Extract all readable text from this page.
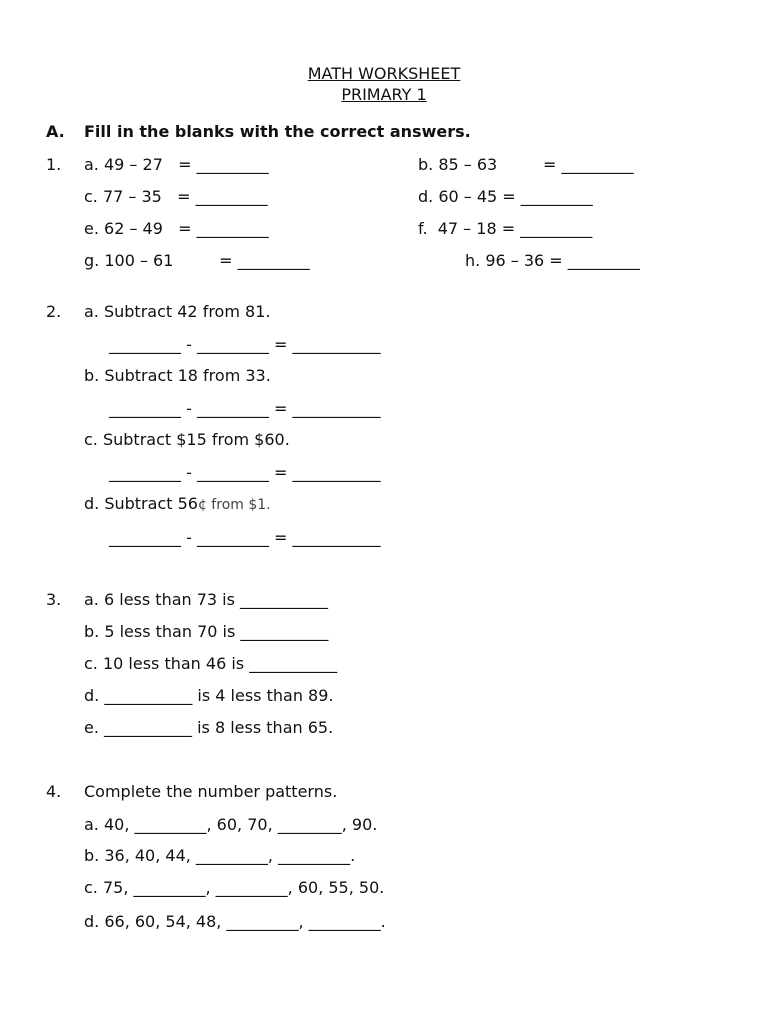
MATH WORKSHEET
PRIMARY 1
A. Fill in the blanks with the correct answers.
1. a. 49 – 27   = _________	b. 85 – 63         = _________
c. 77 – 35   = _________	d. 60 – 45 = _________
e. 62 – 49   = _________	f.  47 – 18 = _________
g. 100 – 61         = _________	h. 96 – 36 = _________
2. a. Subtract 42 from 81.
_________ - _________ = ___________
b. Subtract 18 from 33.
_________ - _________ = ___________
c. Subtract $15 from $60.
_________ - _________ = ___________
d. Subtract 56¢ from $1.
_________ - _________ = ___________
3. a. 6 less than 73 is ___________
b. 5 less than 70 is ___________
c. 10 less than 46 is ___________
d. ___________ is 4 less than 89.
e. ___________ is 8 less than 65.
4. Complete the number patterns.
a. 40, _________, 60, 70, ________, 90.
b. 36, 40, 44, _________, _________.
c. 75, _________, _________, 60, 55, 50.
d. 66, 60, 54, 48, _________, _________.
